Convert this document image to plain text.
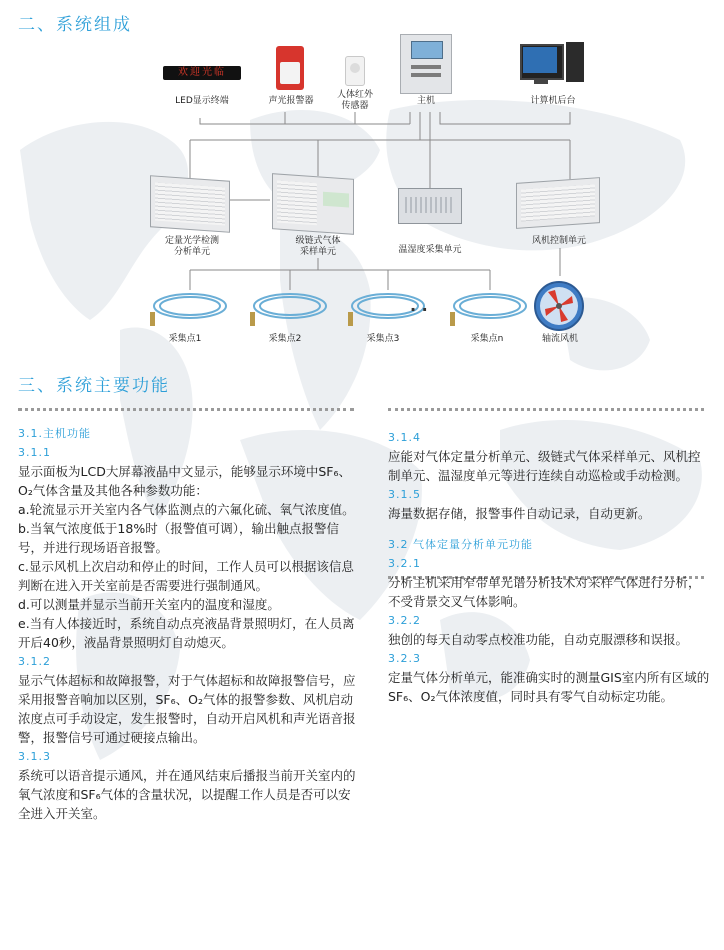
二、系统组成
欢迎光临
LED显示终端	声光报警器
人体红外
传感器	主机	计算机后台
定量光学检测
分析单元
级链式气体
采样单元	温湿度采集单元
风机控制单元
采集点1	采集点2	采集点3	采集点n
· ·
轴流风机
三、系统主要功能
3.1.主机功能
3.1.1

显示面板为LCD大屏幕液晶中文显示，能够显示环境中SF₆、O₂气体含量及其他各种参数功能：

a.轮流显示开关室内各气体监测点的六氟化硫、氧气浓度值。

b.当氧气浓度低于18%时（报警值可调），输出触点报警信号，并进行现场语音报警。

c.显示风机上次启动和停止的时间，工作人员可以根据该信息判断在进入开关室前是否需要进行强制通风。

d.可以测量并显示当前开关室内的温度和湿度。

e.当有人体接近时，系统自动点亮液晶背景照明灯，在人员离开后40秒，液晶背景照明灯自动熄灭。

3.1.2

显示气体超标和故障报警，对于气体超标和故障报警信号，应采用报警音响加以区别，SF₆、O₂气体的报警参数、风机启动浓度点可手动设定，发生报警时，自动开启风机和声光语音报警，报警信号可通过硬接点输出。

3.1.3

系统可以语音提示通风，并在通风结束后播报当前开关室内的氧气浓度和SF₆气体的含量状况，以提醒工作人员是否可以安全进入开关室。

3.1.4

应能对气体定量分析单元、级链式气体采样单元、风机控制单元、温湿度单元等进行连续自动巡检或手动检测。

3.1.5

海量数据存储，报警事件自动记录，自动更新。

3.2 气体定量分析单元功能
3.2.1

分析主机采用窄带单光谱分析技术对采样气体进行分析，不受背景交叉气体影响。

3.2.2

独创的每天自动零点校准功能，自动克服漂移和误报。

3.2.3

定量气体分析单元，能准确实时的测量GIS室内所有区域的SF₆、O₂气体浓度值，同时具有零气自动标定功能。
